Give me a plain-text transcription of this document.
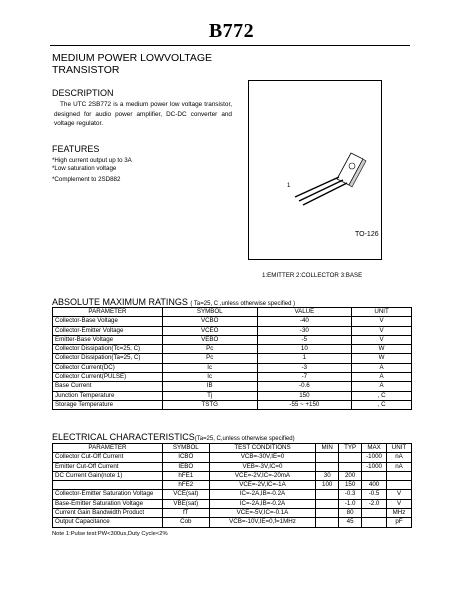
B772
MEDIUM POWER LOWVOLTAGE
TRANSISTOR
DESCRIPTION
The UTC 2SB772 is a medium power low voltage transistor, designed for audio power amplifier, DC-DC converter and voltage regulator.
FEATURES
*High current output up to 3A
*Low saturation voltage
*Complement to 2SD882
1
TO-126
1:EMITTER 2:COLLECTOR 3:BASE
ABSOLUTE MAXIMUM RATINGS ( Ta=25, C ,unless otherwise specified )
PARAMETER	SYMBOL	VALUE	UNIT
Collector-Base Voltage	VCBO	-40	V
Collector-Emitter Voltage	VCEO	-30	V
Emitter-Base Voltage	VEBO	-5	V
Collector Dissipation(Tc=25, C)	Pc	10	W
Collector Dissipation(Ta=25, C)	Pc	1	W
Collector Current(DC)	Ic	-3	A
Collector Current(PULSE)	Ic	-7	A
Base Current	IB	-0.6	A
Junction Temperature	Tj	150	, C
Storage Temperature	TSTG	-55 ~ +150	, C
ELECTRICAL CHARACTERISTICS(Ta=25, C,unless otherwise specified)
PARAMETER	SYMBOL	TEST CONDITIONS	MIN	TYP	MAX	UNIT
Collector Cut-Off Current	ICBO	VCB=-30V,IE=0			-1000	nA
Emitter Cut-Off Current	IEBO	VEB=-3V,IC=0			-1000	nA
DC Current Gain(note 1)	hFE1	VCE=-2V,IC=-20mA	30	200		
	hFE2	VCE=-2V,IC=-1A	100	150	400	
Collector-Emitter Saturation Voltage	VCE(sat)	IC=-2A,IB=-0.2A		-0.3	-0.5	V
Base-Emitter Saturation Voltage	VBE(sat)	IC=-2A,IB=-0.2A		-1.0	-2.0	V
Current Gain Bandwidth Product	fT	VCE=-5V,IC=-0.1A		80		MHz
Output Capacitance	Cob	VCB=-10V,IE=0,f=1MHz		45		pF
Note 1:Pulse test:PW<300us,Duty Cycle<2%
